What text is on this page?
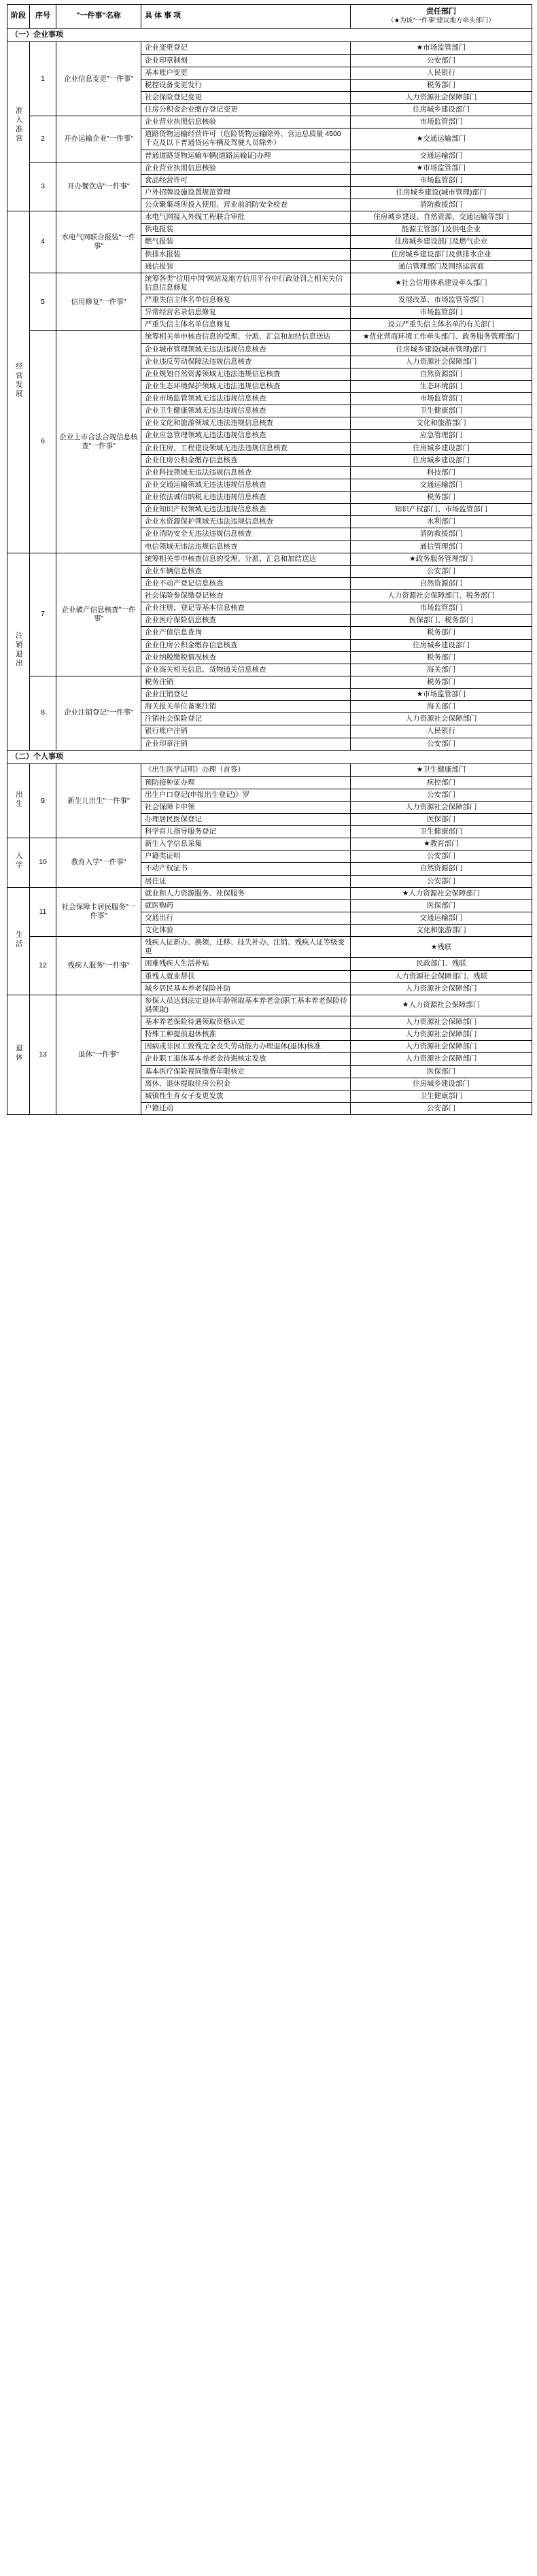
阶段	序号	"一件事"名称	具 体 事 项	责任部门
（★为该"一件事"建议地方牵头部门）

（一）企业事项				
准入准营	1	企业信息变更"一件事"	企业变更登记	★市场监管部门
			企业印章制刻	公安部门
			基本账户变更	人民银行
			税控设备变更发行	税务部门
			社会保险登记变更	人力资源社会保障部门
			住房公积金企业缴存登记变更	住房城乡建设部门
	2	开办运输企业"一件事"	企业营业执照信息核验	市场监管部门
			道路货物运输经营许可（危险货物运输除外、营运总质量 4500 千克及以下普通货运车辆及驾驶人员除外）	★交通运输部门
			普通道路货物运输车辆(道路运输证)办理	交通运输部门
	3	开办餐饮店"一件事"	企业营业执照信息核验	★市场监管部门
			食品经营许可	市场监管部门
			户外招牌设施设置规范管理	住房城乡建设(城市管理)部门
			公众聚集场所投入使用、营业前消防安全检查	消防救援部门
经营发展	4	水电气网联合报装"一件事"	水电气网接入外线工程联合审批	住房城乡建设、自然资源、交通运输等部门
			供电报装	能源主管部门及供电企业
			燃气报装	住房城乡建设部门及燃气企业
			供排水报装	住房城乡建设部门及供排水企业
			通信报装	通信管理部门及网络运营商
	5	信用修复"一件事"	统筹各类"信用中国"网站及地方信用平台中行政处罚之相关失信信息信息修复	★社会信用体系建设牵头部门
			严重失信主体名单信息修复	发展改革、市场监管等部门
			异常经营名录信息修复	市场监管部门
			严重失信主体名单信息修复	设立严重失信主体名单的有关部门
	6	企业上市合法合规信息核查"一件事"	统筹相关单申核查信息的受理、分派、汇总和加结信息送达	★优化营商环境工作牵头部门、政务服务管理部门
			企业城市管理领域无违法违规信息核查	住房城乡建设(城市管理)部门
			企业违反劳动保障法违规信息核查	人力资源社会保障部门
			企业规划自然资源领域无违法违规信息核查	自然资源部门
			企业生态环境保护领域无违法违规信息核查	生态环境部门
			企业市场监管领域无违法违规信息核查	市场监管部门
			企业卫生健康领域无违法违规信息核查	卫生健康部门
			企业文化和旅游领域无违法违规信息核查	文化和旅游部门
			企业应急管理领域无违法违规信息核查	应急管理部门
			企业住房、工程建设领域无违法违规信息核查	住房城乡建设部门
			企业住房公积金缴存信息核查	住房城乡建设部门
			企业科技领域无违法违规信息核查	科技部门
			企业交通运输领域无违法违规信息核查	交通运输部门
			企业依法诚信纳税无违法违规信息核查	税务部门
			企业知识产权领域无违法违规信息核查	知识产权部门、市场监管部门
			企业水资源保护领域无违法违规信息核查	水利部门
			企业消防安全无违法违规信息核查	消防救援部门
			电信领域无违法违规信息核查	通信管理部门
注销退出	7	企业破产信息核查"一件事"	统筹相关单申核查信息的受理、分派、汇总和加结送达	★政务服务管理部门
			企业车辆信息核查	公安部门
			企业不动产登记信息核查	自然资源部门
			社会保险参保缴登记核查	人力资源社会保障部门、税务部门
			企业注册、登记等基本信息核查	市场监管部门
			企业医疗保险信息核查	医保部门、税务部门
			企业产值信息查询	税务部门
			企业住房公积金缴存信息核查	住房城乡建设部门
			企业纳税缴税情况核查	税务部门
			企业海关相关信息、货物通关信息核查	海关部门
	8	企业注销登记"一件事"	税务注销	税务部门
			企业注销登记	★市场监管部门
			海关报关单位备案注销	海关部门
			注销社会保险登记	人力资源社会保障部门
			银行账户注销	人民银行
			企业印章注销	公安部门
（二）个人事项				
出生	9	新生儿出生"一件事"	《出生医学证明》办理（首签）	★卫生健康部门
			预防接种证办理	疾控部门
			出生户口登记(申报出生登记)》罗	公安部门
			社会保障卡申领	人力资源社会保障部门
			办理居民医保登记	医保部门
			科学育儿指导服务登记	卫生健康部门
入学	10	教育入学"一件事"	新生入学信息采集	★教育部门
			户籍类证明	公安部门
			不动产权证书	自然资源部门
			居住证	公安部门
生活	11	社会保障卡居民服务"一件事"	就业和人力资源服务、社保服务	★人力资源社会保障部门
			就医购药	医保部门
			交通出行	交通运输部门
			文化体验	文化和旅游部门
	12	残疾人服务"一件事"	残疾人证新办、换领、迁移、挂失补办、注销、残疾人证等级变更	★残联
			困难残疾人生活补贴	民政部门、残联
			重残人就业帮扶	人力资源社会保障部门、残联
			城乡居民基本养老保险补助	人力资源社会保障部门
退休	13	退休"一件事"	参保人员达到法定退休年龄领取基本养老金(职工基本养老保险待遇领取)	★人力资源社会保障部门
			基本养老保险待遇领取资格认定	人力资源社会保障部门
			特殊工种提前退休核准	人力资源社会保障部门
			因病或非因工致残完全丧失劳动能力办理退休(退休)核准	人力资源社会保障部门
			企业职工退休基本养老金待遇核定发放	人力资源社会保障部门
			基本医疗保险视同缴费年限核定	医保部门
			离休、退休提取住房公积金	住房城乡建设部门
			城镇性生育女子变更发放	卫生健康部门
			户籍迁动	公安部门
